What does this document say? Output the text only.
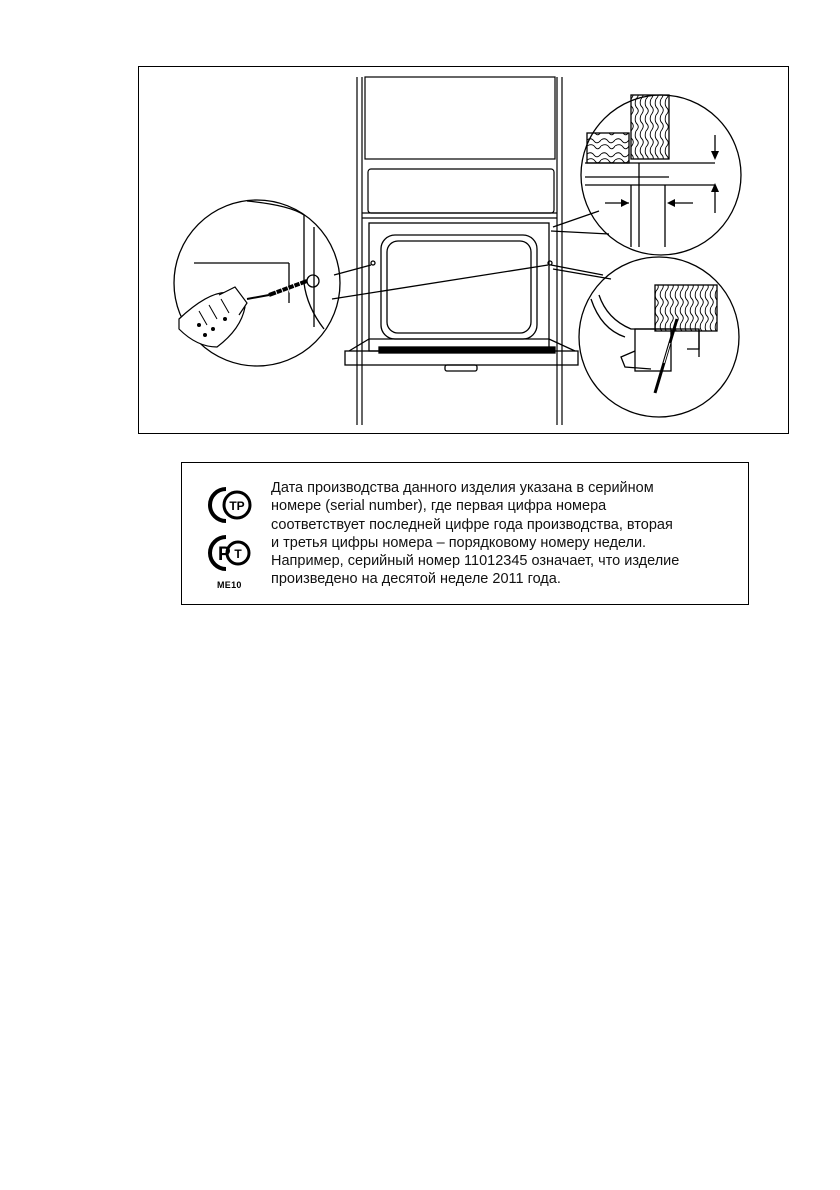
ТР
Р Т
ME10
Дата производства данного изделия указана в серийном
номере (serial number), где первая цифра номера
соответствует последней цифре года производства, вторая
и третья цифры номера – порядковому номеру недели.
Например, серийный номер 11012345 означает, что изделие
произведено на десятой неделе 2011 года.
